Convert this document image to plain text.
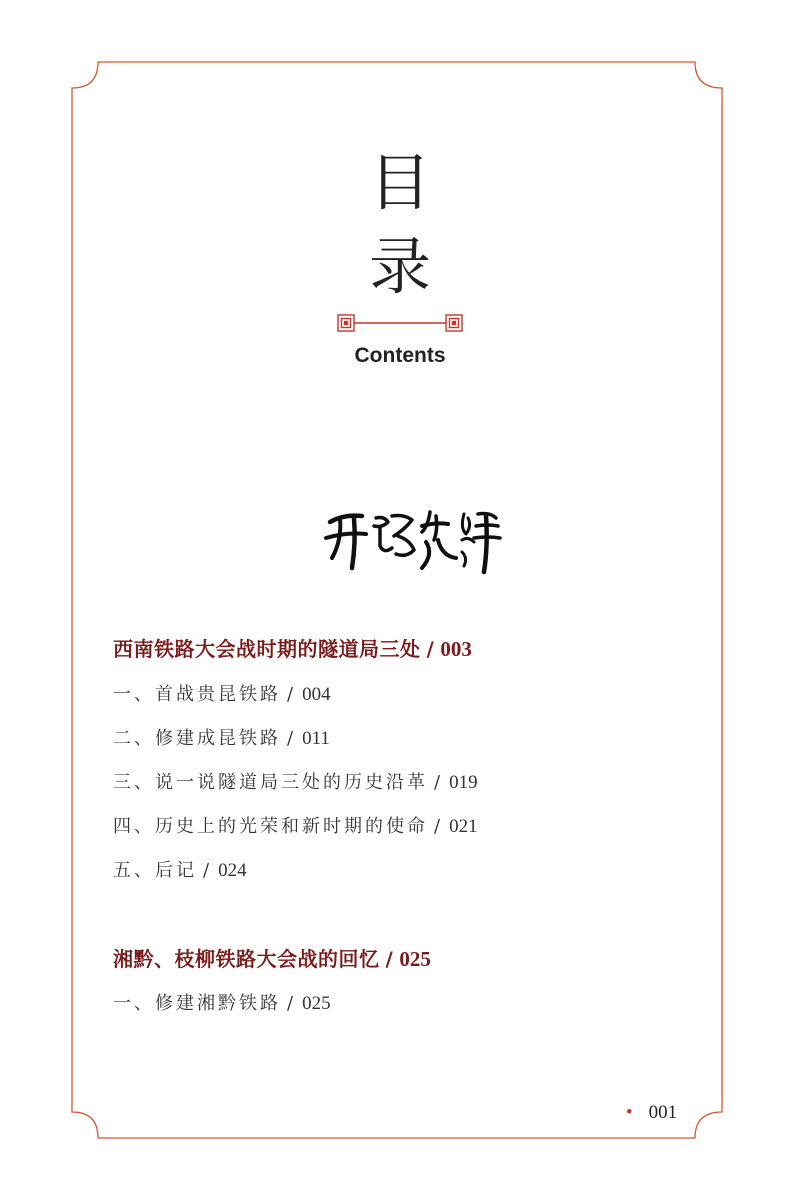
目
录
Contents
西南铁路大会战时期的隧道局三处 / 003
一、首战贵昆铁路 / 004
二、修建成昆铁路 / 011
三、说一说隧道局三处的历史沿革 / 019
四、历史上的光荣和新时期的使命 / 021
五、后记 / 024
湘黔、枝柳铁路大会战的回忆 / 025
一、修建湘黔铁路 / 025
• 001
